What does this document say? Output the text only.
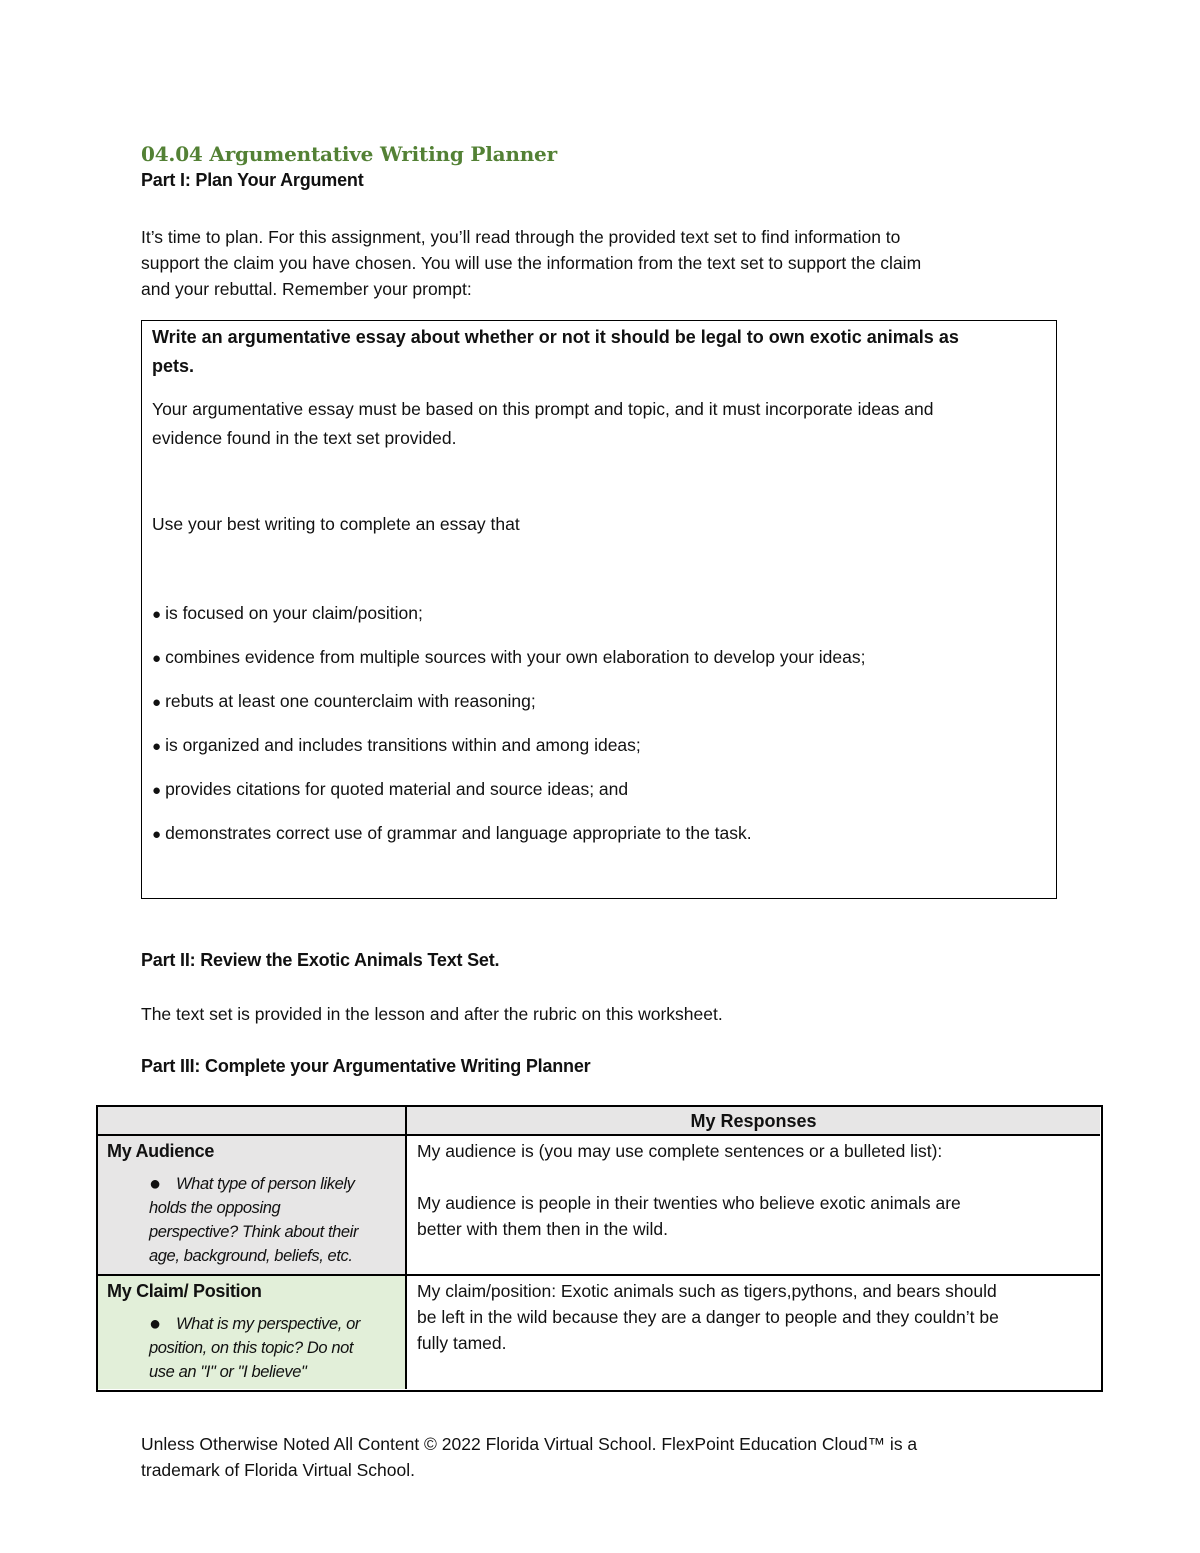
04.04 Argumentative Writing Planner

Part I: Plan Your Argument

It’s time to plan. For this assignment, you’ll read through the provided text set to find information to
support the claim you have chosen. You will use the information from the text set to support the claim
and your rebuttal. Remember your prompt:

Write an argumentative essay about whether or not it should be legal to own exotic animals as
pets.

Your argumentative essay must be based on this prompt and topic, and it must incorporate ideas and
evidence found in the text set provided.

Use your best writing to complete an essay that

● is focused on your claim/position;

● combines evidence from multiple sources with your own elaboration to develop your ideas;

● rebuts at least one counterclaim with reasoning;

● is organized and includes transitions within and among ideas;

● provides citations for quoted material and source ideas; and

● demonstrates correct use of grammar and language appropriate to the task.

Part II: Review the Exotic Animals Text Set.

The text set is provided in the lesson and after the rubric on this worksheet.

Part III: Complete your Argumentative Writing Planner

My Responses

My Audience

● What type of person likely
holds the opposing
perspective? Think about their
age, background, beliefs, etc.

My audience is (you may use complete sentences or a bulleted list):

My audience is people in their twenties who believe exotic animals are
better with them then in the wild.

My Claim/ Position

● What is my perspective, or
position, on this topic? Do not
use an "I" or "I believe"

My claim/position: Exotic animals such as tigers,pythons, and bears should
be left in the wild because they are a danger to people and they couldn’t be
fully tamed.

Unless Otherwise Noted All Content © 2022 Florida Virtual School. FlexPoint Education Cloud™ is a
trademark of Florida Virtual School.
